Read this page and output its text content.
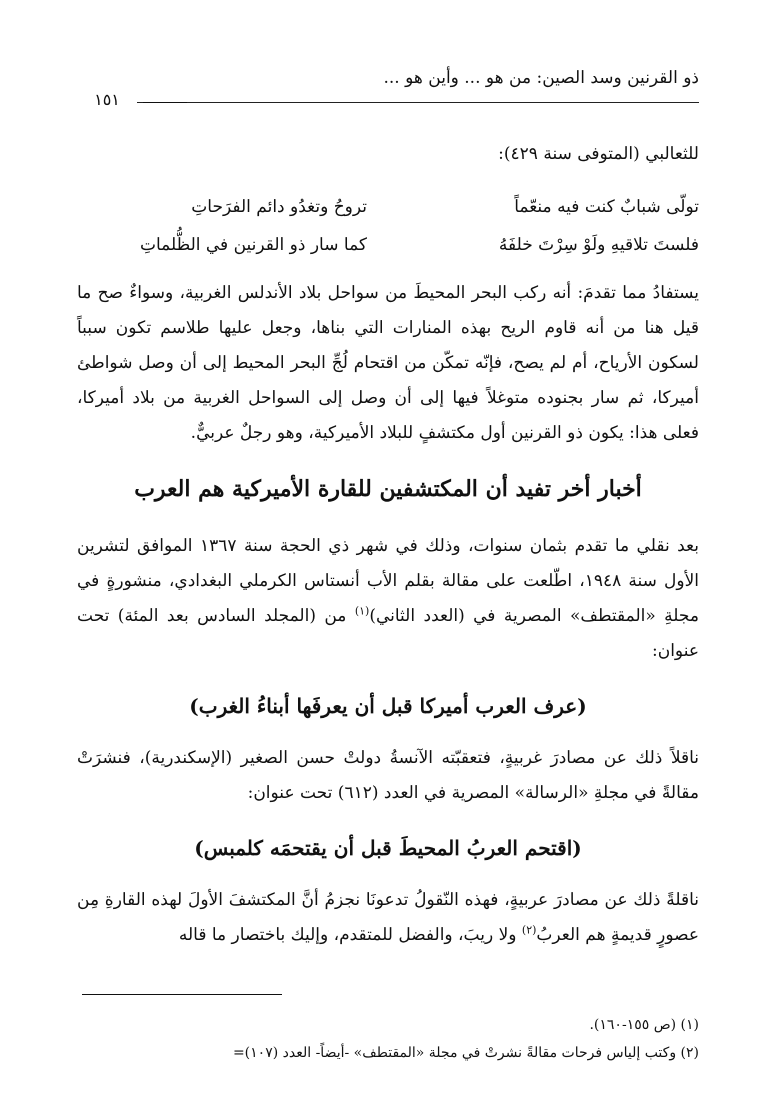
ذو القرنين وسد الصين: من هو ... وأين هو ...
١٥١
للثعالبي (المتوفى سنة ٤٢٩):
تولّى شبابٌ كنت فيه منعّماً
تروحُ وتغدُو دائم الفرَحاتِ
فلستَ تلاقيهِ ولَوْ سِرْتَ خلفَهُ
كما سار ذو القرنين في الظُّلماتِ

يستفادُ مما تقدمَ: أنه ركب البحر المحيطَ من سواحل بلاد الأندلس الغربية، وسواءٌ صح ما قيل هنا من أنه قاوم الريح بهذه المنارات التي بناها، وجعل عليها طلاسم تكون سبباً لسكون الأرياح، أم لم يصح، فإنّه تمكّن من اقتحام لُجِّ البحر المحيط إلى أن وصل شواطئ أميركا، ثم سار بجنوده متوغلاً فيها إلى أن وصل إلى السواحل الغربية من بلاد أميركا، فعلى هذا: يكون ذو القرنين أول مكتشفٍ للبلاد الأميركية، وهو رجلٌ عربيٌّ.

أخبار أخر تفيد أن المكتشفين للقارة الأميركية هم العرب

بعد نقلي ما تقدم بثمان سنوات، وذلك في شهر ذي الحجة سنة ١٣٦٧ الموافق لتشرين الأول سنة ١٩٤٨، اطّلعت على مقالة بقلم الأب أنستاس الكرملي البغدادي، منشورةٍ في مجلةِ «المقتطف» المصرية في (العدد الثاني)$^{(١)}$ من (المجلد السادس بعد المئة) تحت عنوان:

(عرف العرب أميركا قبل أن يعرفَها أبناءُ الغرب)

ناقلاً ذلك عن مصادرَ غربيةٍ، فتعقبّته الآنسةُ دولتْ حسن الصغير (الإسكندرية)، فنشرَتْ مقالةً في مجلةِ «الرسالة» المصرية في العدد (٦١٢) تحت عنوان:

(اقتحم العربُ المحيطَ قبل أن يقتحمَه كلمبس)

ناقلةً ذلك عن مصادرَ عربيةٍ، فهذه النّقولُ تدعونَا نجزمُ أنَّ المكتشفَ الأولَ لهذه القارةِ مِن عصورٍ قديمةٍ هم العربُ$^{(٢)}$ ولا ريبَ، والفضل للمتقدم، وإليك باختصار ما قاله

(١) (ص ١٥٥-١٦٠).

(٢) وكتب إلياس فرحات مقالةً نشرتْ في مجلة «المقتطف» -أيضاً- العدد (١٠٧)=
